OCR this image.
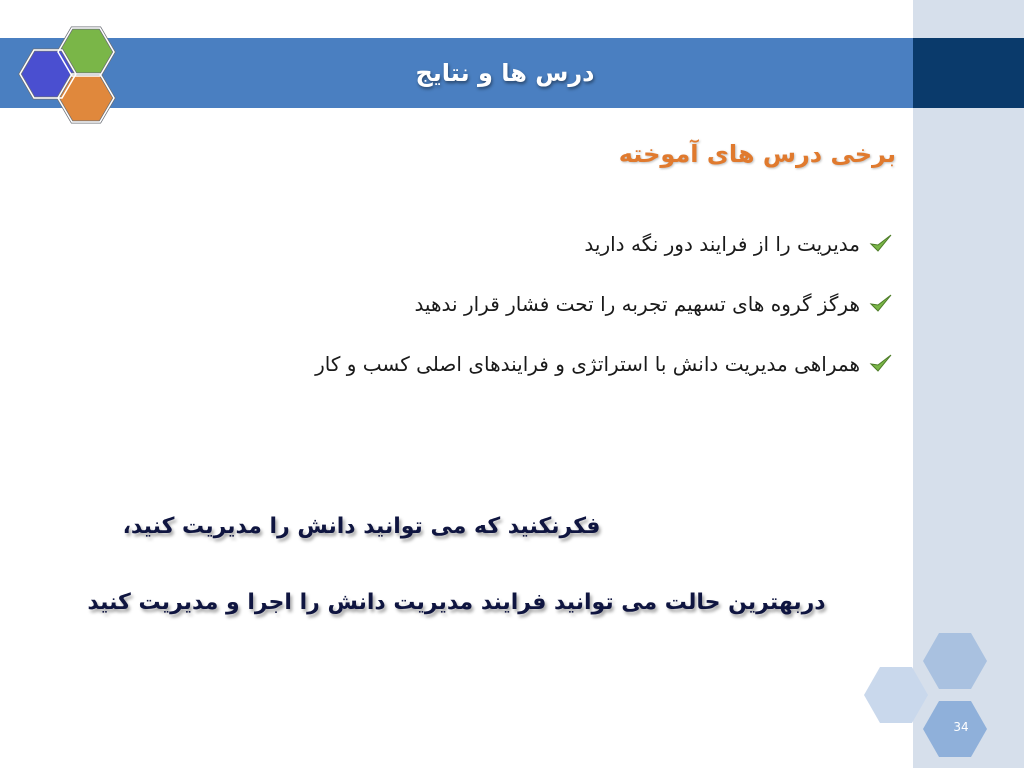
درس ها و نتایج
برخی درس های آموخته
مدیریت را از فرایند دور نگه دارید
هرگز گروه های تسهیم تجربه را تحت فشار قرار ندهید
همراهی مدیریت دانش با استراتژی و فرایندهای اصلی کسب و کار
فکرنکنید که می توانید دانش را مدیریت کنید،
دربهترین حالت می توانید فرایند مدیریت دانش را اجرا و مدیریت کنید
34
